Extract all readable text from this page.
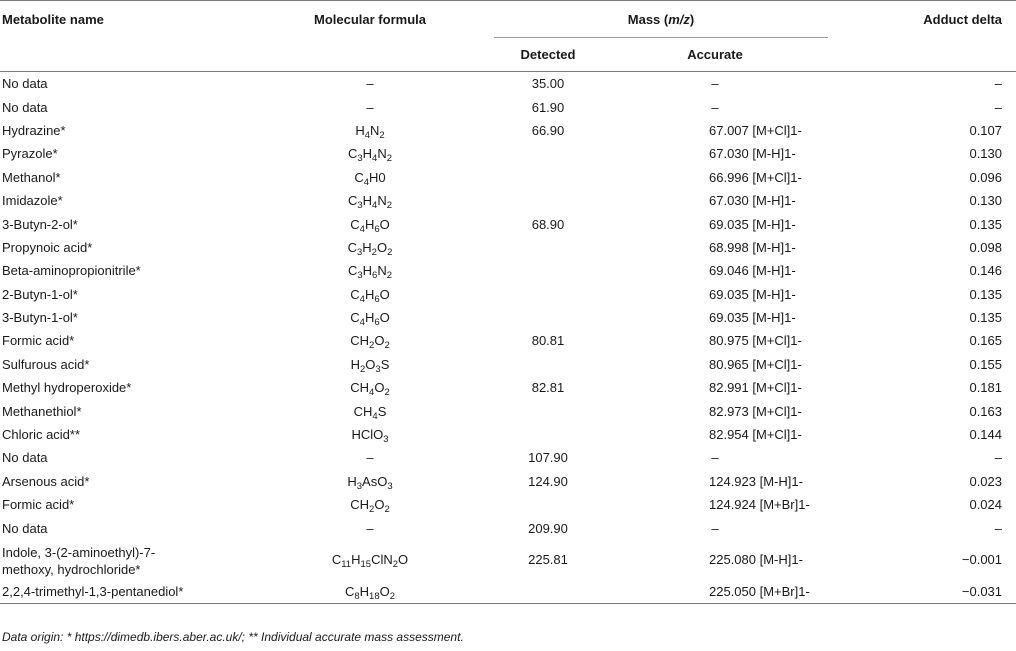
Metabolite name	Molecular formula	Mass (m/z)		Adduct delta
		Detected	Accurate	
No data	–	35.00	–	–
No data	–	61.90	–	–
Hydrazine*	$H_4N_2$	66.90	67.007 [M+Cl]1-	0.107
Pyrazole*	$C_3H_4N_2$		67.030 [M-H]1-	0.130
Methanol*	$C_4H0$		66.996 [M+Cl]1-	0.096
Imidazole*	$C_3H_4N_2$		67.030 [M-H]1-	0.130
3-Butyn-2-ol*	$C_4H_6O$	68.90	69.035 [M-H]1-	0.135
Propynoic acid*	$C_3H_2O_2$		68.998 [M-H]1-	0.098
Beta-aminopropionitrile*	$C_3H_6N_2$		69.046 [M-H]1-	0.146
2-Butyn-1-ol*	$C_4H_6O$		69.035 [M-H]1-	0.135
3-Butyn-1-ol*	$C_4H_6O$		69.035 [M-H]1-	0.135
Formic acid*	$CH_2O_2$	80.81	80.975 [M+Cl]1-	0.165
Sulfurous acid*	$H_2O_3S$		80.965 [M+Cl]1-	0.155
Methyl hydroperoxide*	$CH_4O_2$	82.81	82.991 [M+Cl]1-	0.181
Methanethiol*	$CH_4S$		82.973 [M+Cl]1-	0.163
Chloric acid**	HClO$_3$		82.954 [M+Cl]1-	0.144
No data	–	107.90	–	–
Arsenous acid*	$H_3AsO_3$	124.90	124.923 [M-H]1-	0.023
Formic acid*	$CH_2O_2$		124.924 [M+Br]1-	0.024
No data	–	209.90	–	–
Indole, 3-(2-aminoethyl)-7-
methoxy, hydrochloride*	$C_{11}H_{15}ClN_2O$	225.81	225.080 [M-H]1-	−0.001
2,2,4-trimethyl-1,3-pentanediol*	$C_8H_{18}O_2$		225.050 [M+Br]1-	−0.031
Data origin: * https://dimedb.ibers.aber.ac.uk/; ** Individual accurate mass assessment.
